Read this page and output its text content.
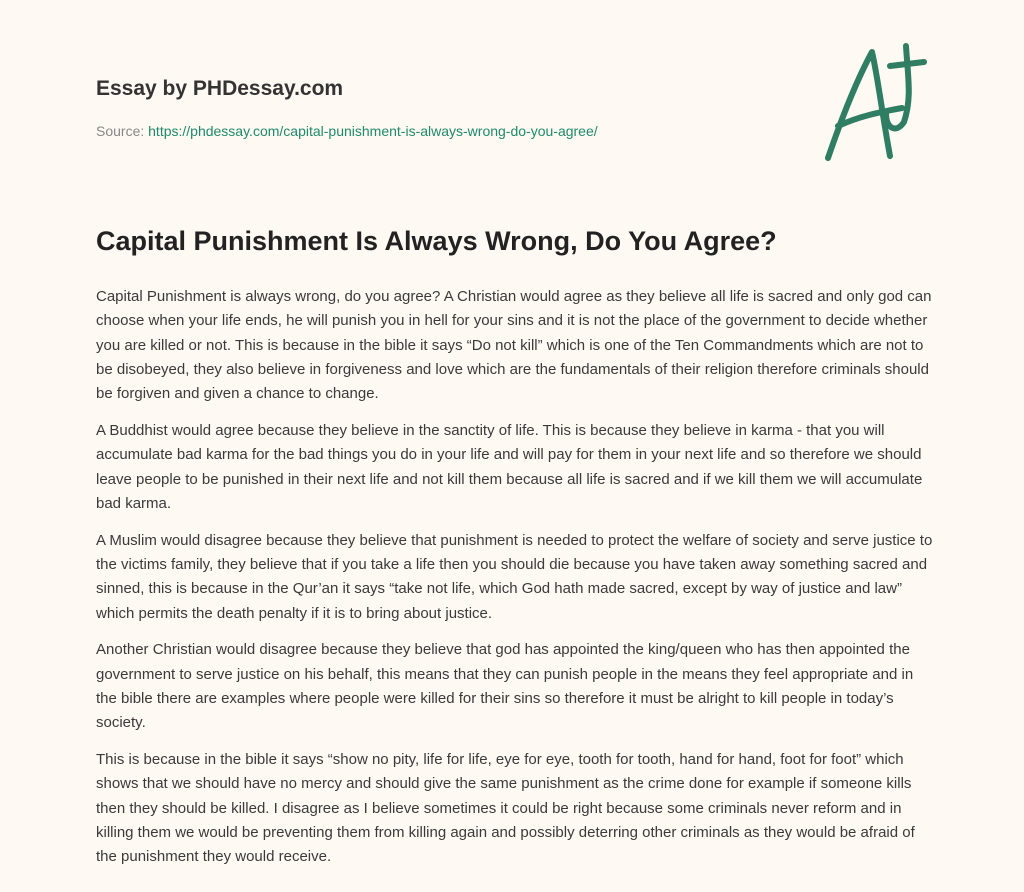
Essay by PHDessay.com
Source: https://phdessay.com/capital-punishment-is-always-wrong-do-you-agree/
Capital Punishment Is Always Wrong, Do You Agree?

Capital Punishment is always wrong, do you agree? A Christian would agree as they believe all life is sacred and only god can choose when your life ends, he will punish you in hell for your sins and it is not the place of the government to decide whether you are killed or not. This is because in the bible it says “Do not kill” which is one of the Ten Commandments which are not to be disobeyed, they also believe in forgiveness and love which are the fundamentals of their religion therefore criminals should be forgiven and given a chance to change.

A Buddhist would agree because they believe in the sanctity of life. This is because they believe in karma - that you will accumulate bad karma for the bad things you do in your life and will pay for them in your next life and so therefore we should leave people to be punished in their next life and not kill them because all life is sacred and if we kill them we will accumulate bad karma.

A Muslim would disagree because they believe that punishment is needed to protect the welfare of society and serve justice to the victims family, they believe that if you take a life then you should die because you have taken away something sacred and sinned, this is because in the Qur’an it says “take not life, which God hath made sacred, except by way of justice and law” which permits the death penalty if it is to bring about justice.

Another Christian would disagree because they believe that god has appointed the king/queen who has then appointed the government to serve justice on his behalf, this means that they can punish people in the means they feel appropriate and in the bible there are examples where people were killed for their sins so therefore it must be alright to kill people in today’s society.

This is because in the bible it says “show no pity, life for life, eye for eye, tooth for tooth, hand for hand, foot for foot” which shows that we should have no mercy and should give the same punishment as the crime done for example if someone kills then they should be killed. I disagree as I believe sometimes it could be right because some criminals never reform and in killing them we would be preventing them from killing again and possibly deterring other criminals as they would be afraid of the punishment they would receive.
